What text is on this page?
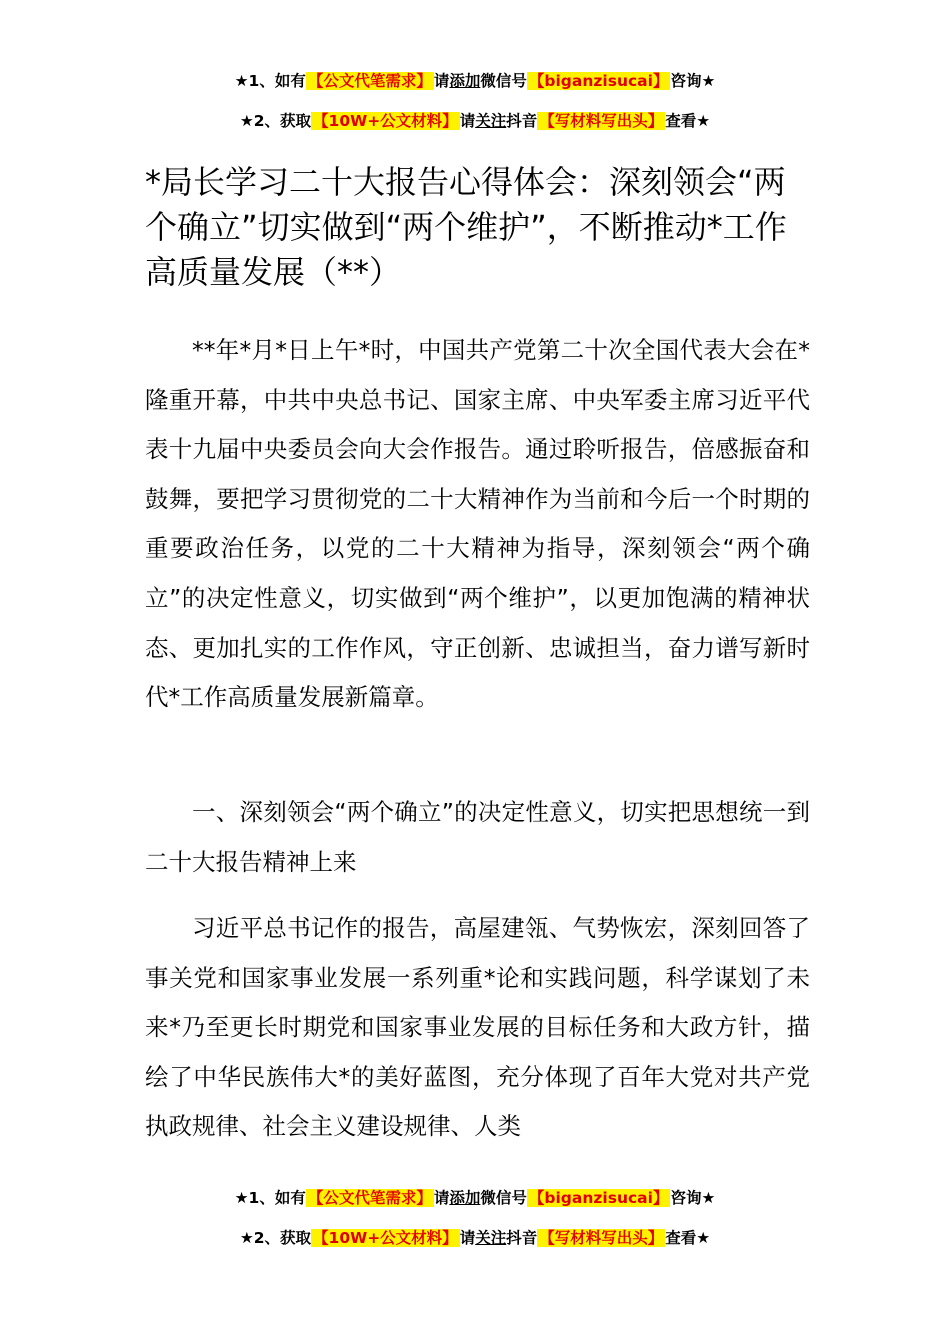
★1、如有 【公文代笔需求】 请添加微信号 【biganzisucai】 咨询★
★2、获取 【10W+公文材料】 请关注抖音 【写材料写出头】 查看★
*局长学习二十大报告心得体会：深刻领会“两个确立”切实做到“两个维护”，不断推动*工作高质量发展（**）

**年*月*日上午*时，中国共产党第二十次全国代表大会在*隆重开幕，中共中央总书记、国家主席、中央军委主席习近平代表十九届中央委员会向大会作报告。通过聆听报告，倍感振奋和鼓舞，要把学习贯彻党的二十大精神作为当前和今后一个时期的重要政治任务，以党的二十大精神为指导，深刻领会“两个确立”的决定性意义，切实做到“两个维护”，以更加饱满的精神状态、更加扎实的工作作风，守正创新、忠诚担当，奋力谱写新时代*工作高质量发展新篇章。

一、深刻领会“两个确立”的决定性意义，切实把思想统一到二十大报告精神上来

习近平总书记作的报告，高屋建瓴、气势恢宏，深刻回答了事关党和国家事业发展一系列重*论和实践问题，科学谋划了未来*乃至更长时期党和国家事业发展的目标任务和大政方针，描绘了中华民族伟大*的美好蓝图，充分体现了百年大党对共产党执政规律、社会主义建设规律、人类

★1、如有 【公文代笔需求】 请添加微信号 【biganzisucai】 咨询★
★2、获取 【10W+公文材料】 请关注抖音 【写材料写出头】 查看★
